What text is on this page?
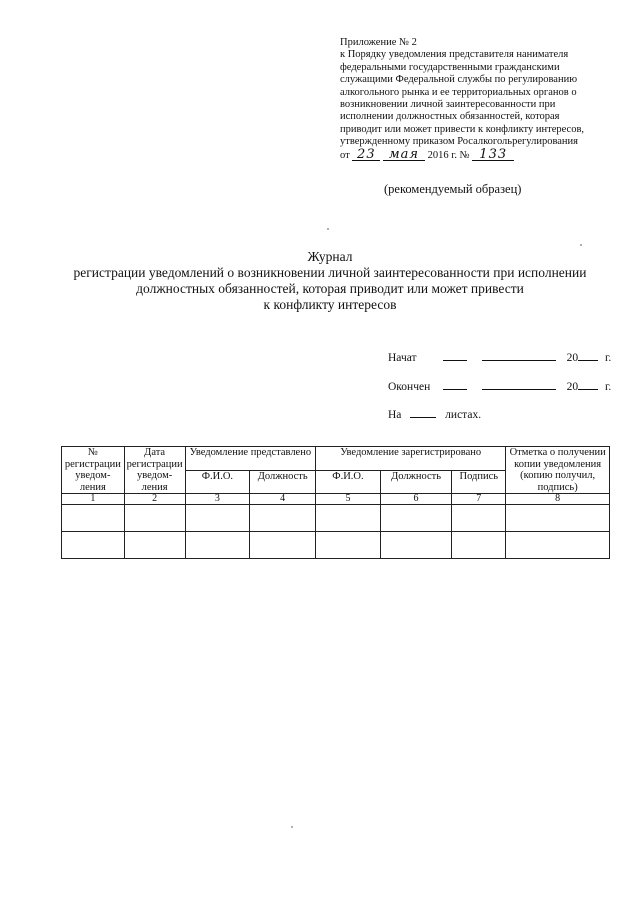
Приложение № 2
к Порядку уведомления представителя нанимателя
федеральными государственными гражданскими
служащими Федеральной службы по регулированию
алкогольного рынка и ее территориальных органов о
возникновении личной заинтересованности при
исполнении должностных обязанностей, которая
приводит или может привести к конфликту интересов,
утвержденному приказом Росалкогольрегулирования
от 23 мая 2016 г. № 133
(рекомендуемый образец)
Журнал
регистрации уведомлений о возникновении личной заинтересованности при исполнении
должностных обязанностей, которая приводит или может привести
к конфликту интересов
Начат	20 г.
Окончен	20 г.
На	листах.
№ регистрации уведом-ления	Дата регистрации уведом-ления	Уведомление представлено		Уведомление зарегистрировано			Отметка о получении копии уведомления (копию получил, подпись)
		Ф.И.О.	Должность	Ф.И.О.	Должность	Подпись	
1	2	3	4	5	6	7	8
